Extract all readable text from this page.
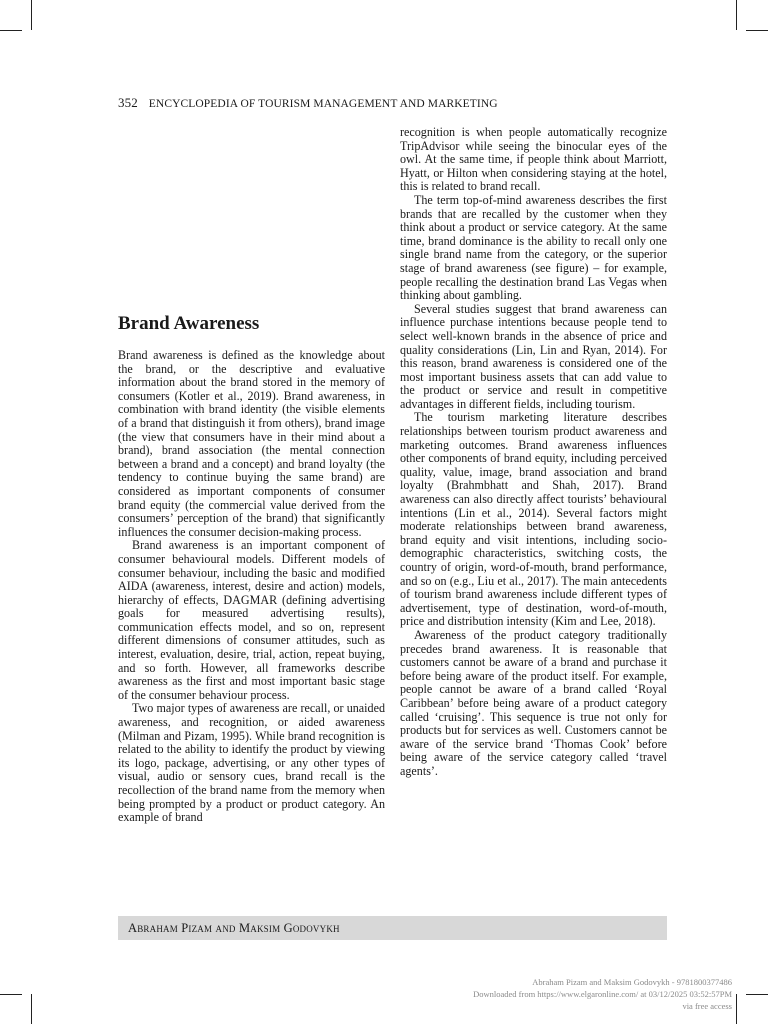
352 ENCYCLOPEDIA OF TOURISM MANAGEMENT AND MARKETING
Brand Awareness

Brand awareness is defined as the knowledge about the brand, or the descriptive and evaluative information about the brand stored in the memory of consumers (Kotler et al., 2019). Brand awareness, in combination with brand identity (the visible elements of a brand that distinguish it from others), brand image (the view that consumers have in their mind about a brand), brand association (the mental connection between a brand and a concept) and brand loyalty (the tendency to continue buying the same brand) are considered as important components of consumer brand equity (the commercial value derived from the consumers’ perception of the brand) that significantly influences the consumer decision-making process.

Brand awareness is an important component of consumer behavioural models. Different models of consumer behaviour, including the basic and modified AIDA (awareness, interest, desire and action) models, hierarchy of effects, DAGMAR (defining advertising goals for measured advertising results), communication effects model, and so on, represent different dimensions of consumer attitudes, such as interest, evaluation, desire, trial, action, repeat buying, and so forth. However, all frameworks describe awareness as the first and most important basic stage of the consumer behaviour process.

Two major types of awareness are recall, or unaided awareness, and recognition, or aided awareness (Milman and Pizam, 1995). While brand recognition is related to the ability to identify the product by viewing its logo, package, advertising, or any other types of visual, audio or sensory cues, brand recall is the recollection of the brand name from the memory when being prompted by a product or product category. An example of brand

recognition is when people automatically recognize TripAdvisor while seeing the binocular eyes of the owl. At the same time, if people think about Marriott, Hyatt, or Hilton when considering staying at the hotel, this is related to brand recall.

The term top-of-mind awareness describes the first brands that are recalled by the customer when they think about a product or service category. At the same time, brand dominance is the ability to recall only one single brand name from the category, or the superior stage of brand awareness (see figure) – for example, people recalling the destination brand Las Vegas when thinking about gambling.

Several studies suggest that brand awareness can influence purchase intentions because people tend to select well-known brands in the absence of price and quality considerations (Lin, Lin and Ryan, 2014). For this reason, brand awareness is considered one of the most important business assets that can add value to the product or service and result in competitive advantages in different fields, including tourism.

The tourism marketing literature describes relationships between tourism product awareness and marketing outcomes. Brand awareness influences other components of brand equity, including perceived quality, value, image, brand association and brand loyalty (Brahmbhatt and Shah, 2017). Brand awareness can also directly affect tourists’ behavioural intentions (Lin et al., 2014). Several factors might moderate relationships between brand awareness, brand equity and visit intentions, including socio-demographic characteristics, switching costs, the country of origin, word-of-mouth, brand performance, and so on (e.g., Liu et al., 2017). The main antecedents of tourism brand awareness include different types of advertisement, type of destination, word-of-mouth, price and distribution intensity (Kim and Lee, 2018).

Awareness of the product category traditionally precedes brand awareness. It is reasonable that customers cannot be aware of a brand and purchase it before being aware of the product itself. For example, people cannot be aware of a brand called ‘Royal Caribbean’ before being aware of a product category called ‘cruising’. This sequence is true not only for products but for services as well. Customers cannot be aware of the service brand ‘Thomas Cook’ before being aware of the service category called ‘travel agents’.

Abraham Pizam and Maksim Godovykh
Abraham Pizam and Maksim Godovykh - 9781800377486
Downloaded from https://www.elgaronline.com/ at 03/12/2025 03:52:57PM
via free access
